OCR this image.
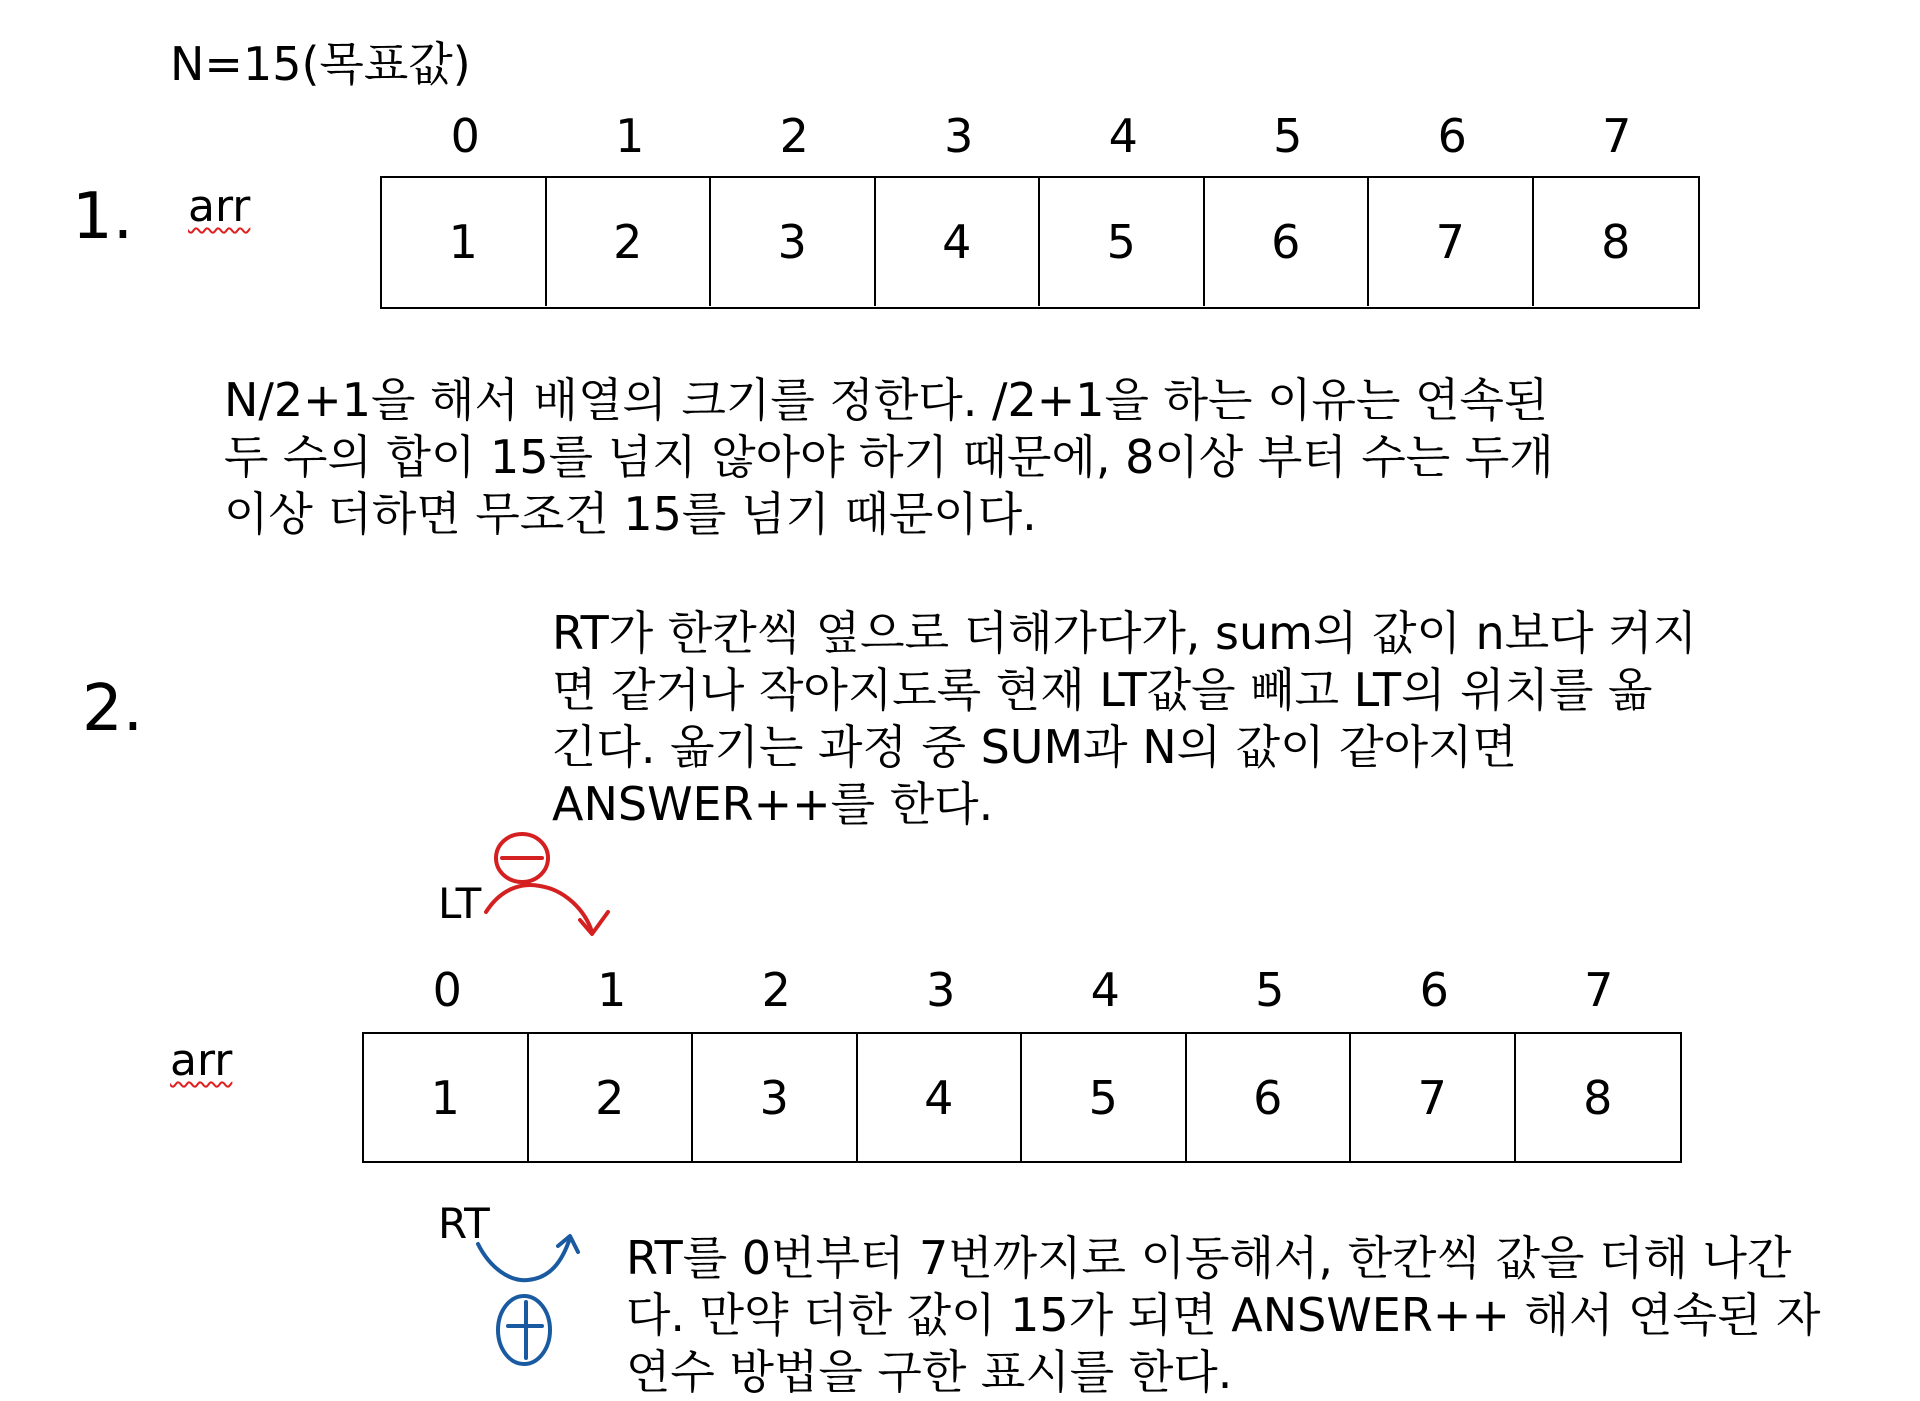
N=15(목표값)
1. arr
0	1	2	3	4	5	6	7
1	2	3	4	5	6	7	8
N/2+1을 해서 배열의 크기를 정한다. /2+1을 하는 이유는 연속된
두 수의 합이 15를 넘지 않아야 하기 때문에, 8이상 부터 수는 두개
이상 더하면 무조건 15를 넘기 때문이다.
2.
RT가 한칸씩 옆으로 더해가다가, sum의 값이 n보다 커지
면 같거나 작아지도록 현재 LT값을 빼고 LT의 위치를 옮
긴다. 옮기는 과정 중 SUM과 N의 값이 같아지면
ANSWER++를 한다.
LT
arr
0	1	2	3	4	5	6	7
1	2	3	4	5	6	7	8
RT
RT를 0번부터 7번까지로 이동해서, 한칸씩 값을 더해 나간
다. 만약 더한 값이 15가 되면 ANSWER++ 해서 연속된 자
연수 방법을 구한 표시를 한다.
